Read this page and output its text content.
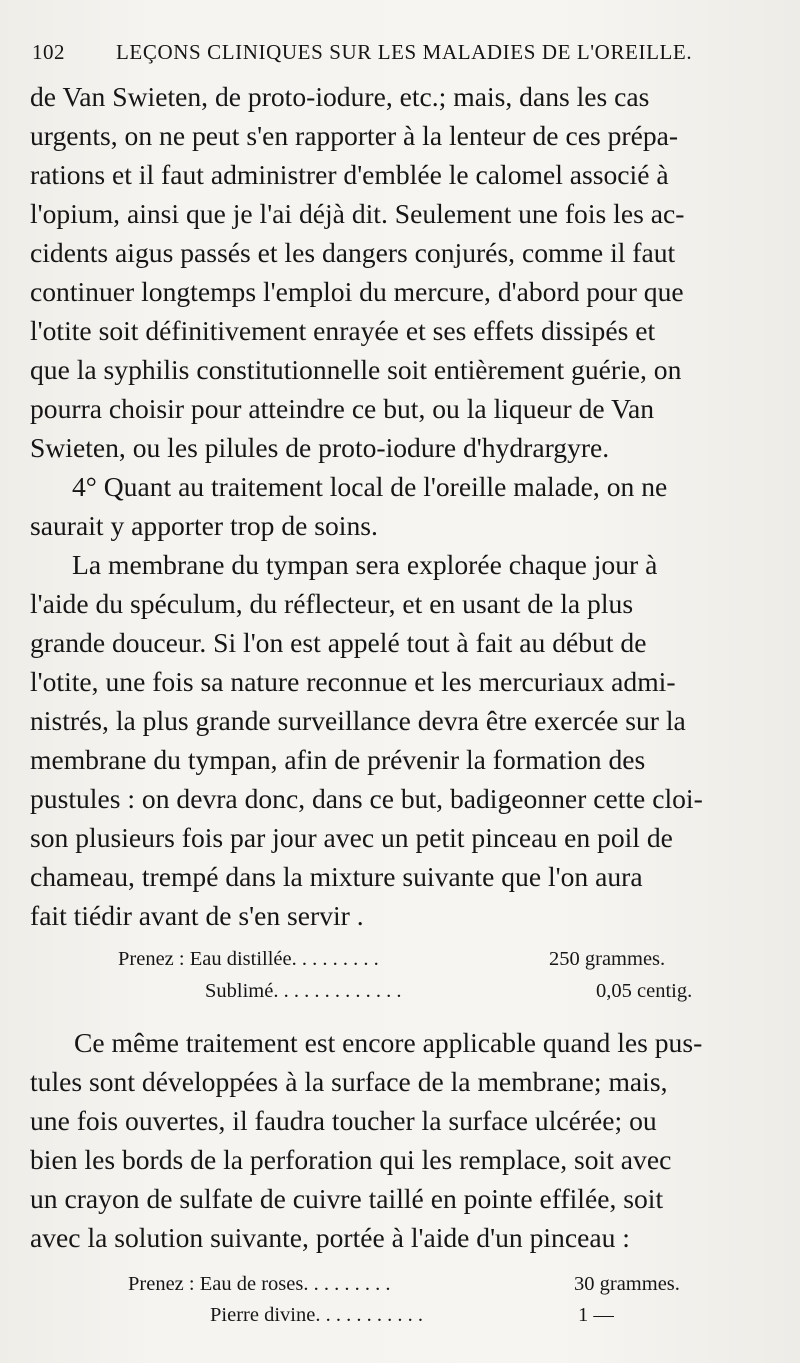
102 LEÇONS CLINIQUES SUR LES MALADIES DE L'OREILLE.
de Van Swieten, de proto-iodure, etc.; mais, dans les cas
urgents, on ne peut s'en rapporter à la lenteur de ces prépa-
rations et il faut administrer d'emblée le calomel associé à
l'opium, ainsi que je l'ai déjà dit. Seulement une fois les ac-
cidents aigus passés et les dangers conjurés, comme il faut
continuer longtemps l'emploi du mercure, d'abord pour que
l'otite soit définitivement enrayée et ses effets dissipés et
que la syphilis constitutionnelle soit entièrement guérie, on
pourra choisir pour atteindre ce but, ou la liqueur de Van
Swieten, ou les pilules de proto-iodure d'hydrargyre.
4° Quant au traitement local de l'oreille malade, on ne
saurait y apporter trop de soins.
La membrane du tympan sera explorée chaque jour à
l'aide du spéculum, du réflecteur, et en usant de la plus
grande douceur. Si l'on est appelé tout à fait au début de
l'otite, une fois sa nature reconnue et les mercuriaux admi-
nistrés, la plus grande surveillance devra être exercée sur la
membrane du tympan, afin de prévenir la formation des
pustules : on devra donc, dans ce but, badigeonner cette cloi-
son plusieurs fois par jour avec un petit pinceau en poil de
chameau, trempé dans la mixture suivante que l'on aura
fait tiédir avant de s'en servir .
Prenez : Eau distillée. . . . . . . . .	250 grammes.
Sublimé. . . . . . . . . . . . .	0,05 centig.
Ce même traitement est encore applicable quand les pus-
tules sont développées à la surface de la membrane; mais,
une fois ouvertes, il faudra toucher la surface ulcérée; ou
bien les bords de la perforation qui les remplace, soit avec
un crayon de sulfate de cuivre taillé en pointe effilée, soit
avec la solution suivante, portée à l'aide d'un pinceau :
Prenez : Eau de roses. . . . . . . . .	30 grammes.
Pierre divine. . . . . . . . . . .	1 —
